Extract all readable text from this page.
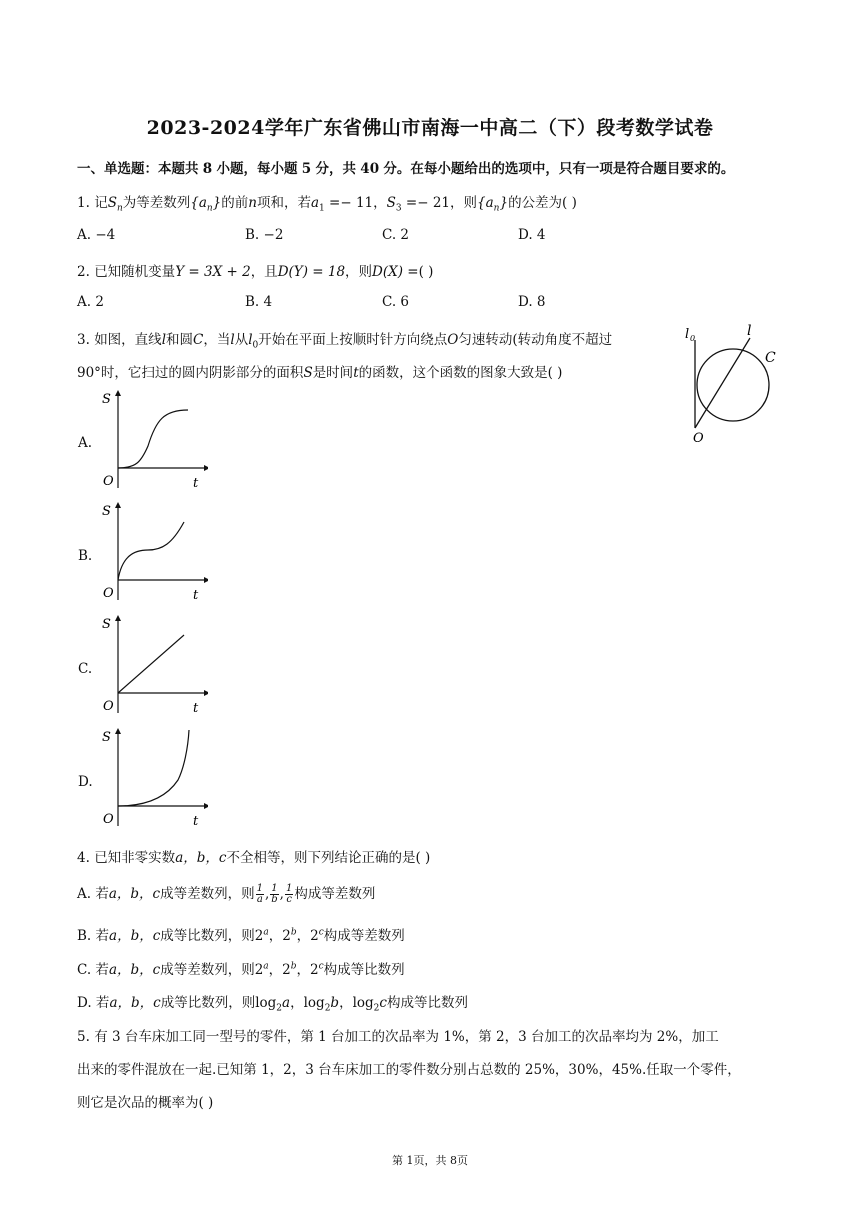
2023-2024学年广东省佛山市南海一中高二（下）段考数学试卷
一、单选题：本题共 8 小题，每小题 5 分，共 40 分。在每小题给出的选项中，只有一项是符合题目要求的。
1. 记$S_n$为等差数列$\{a_n\}$的前n项和，若$a_1 =- 11$，$S_3 =- 21$，则$\{a_n\}$的公差为( )
A. −4	B. −2	C. 2	D. 4
2. 已知随机变量Y = 3X + 2，且D(Y) = 18，则D(X) =( )
A. 2	B. 4	C. 6	D. 8
3. 如图，直线l和圆C，当l从$l_0$开始在平面上按顺时针方向绕点O匀速转动(转动角度不超过
90°时，它扫过的圆内阴影部分的面积S是时间t的函数，这个函数的图象大致是( )
l 0	l
C
O
A.
S
t
O
B.
S
t
O
C.
S
t
O
D.
S
t
O
4. 已知非零实数a，b，c不全相等，则下列结论正确的是( )
A. 若a，b，c成等差数列，则 $\frac{1}{a}$ , $\frac{1}{b}$ , $\frac{1}{c}$ 构成等差数列
B. 若a，b，c成等比数列，则2$^a$，2$^b$，2$^c$构成等差数列
C. 若a，b，c成等差数列，则2$^a$，2$^b$，2$^c$构成等比数列
D. 若a，b，c成等比数列，则$\log_2a$，$\log_2b$，$\log_2c$构成等比数列
5. 有 3 台车床加工同一型号的零件，第 1 台加工的次品率为 1%，第 2，3 台加工的次品率均为 2%，加工
出来的零件混放在一起.已知第 1，2，3 台车床加工的零件数分别占总数的 25%，30%，45%.任取一个零件，
则它是次品的概率为( )
第 1页，共 8页
